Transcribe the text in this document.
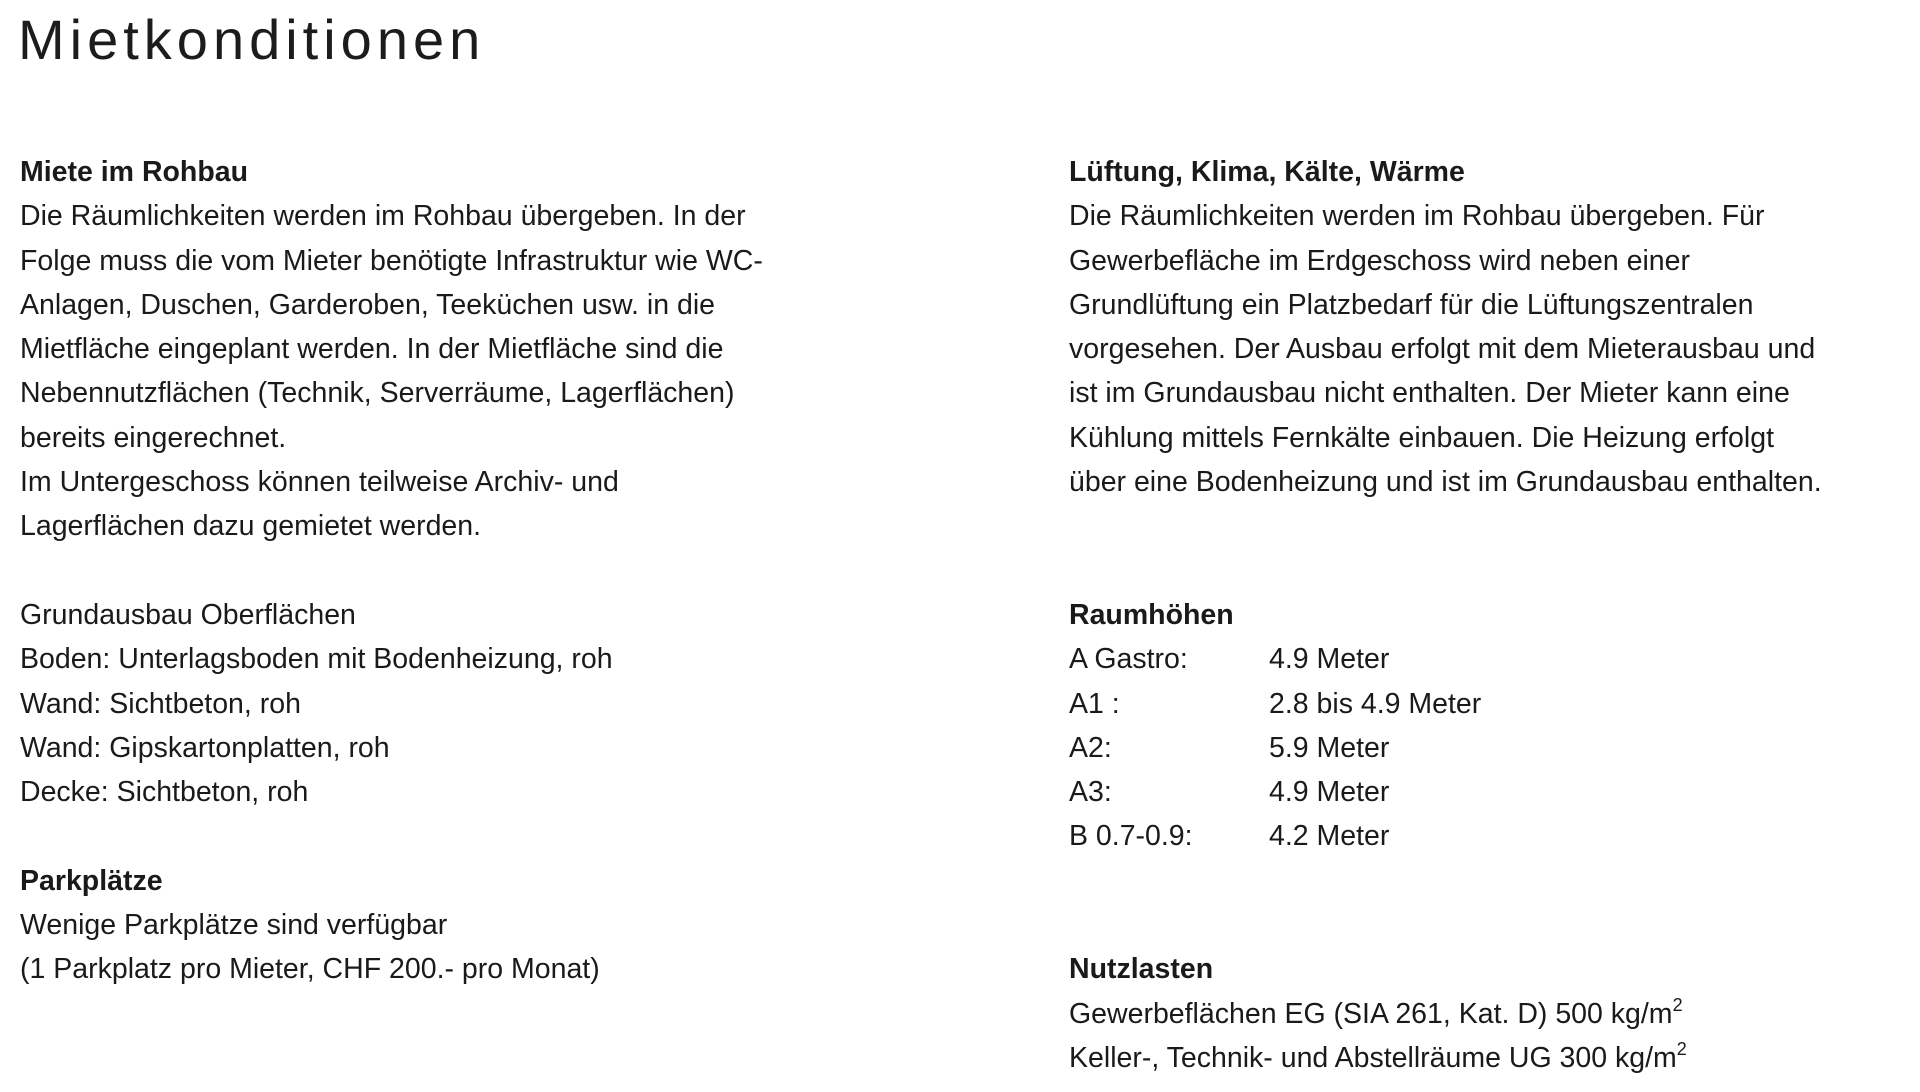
Mietkonditionen
Miete im Rohbau
Die Räumlichkeiten werden im Rohbau übergeben. In der
Folge muss die vom Mieter benötigte Infrastruktur wie WC-
Anlagen, Duschen, Garderoben, Teeküchen usw. in die
Mietfläche eingeplant werden. In der Mietfläche sind die
Nebennutzflächen (Technik, Serverräume, Lagerflächen)
bereits eingerechnet.
Im Untergeschoss können teilweise Archiv- und
Lagerflächen dazu gemietet werden.
Grundausbau Oberflächen
Boden: Unterlagsboden mit Bodenheizung, roh
Wand: Sichtbeton, roh
Wand: Gipskartonplatten, roh
Decke: Sichtbeton, roh
Parkplätze
Wenige Parkplätze sind verfügbar
(1 Parkplatz pro Mieter, CHF 200.- pro Monat)
Lüftung, Klima, Kälte, Wärme
Die Räumlichkeiten werden im Rohbau übergeben. Für
Gewerbefläche im Erdgeschoss wird neben einer
Grundlüftung ein Platzbedarf für die Lüftungszentralen
vorgesehen. Der Ausbau erfolgt mit dem Mieterausbau und
ist im Grundausbau nicht enthalten. Der Mieter kann eine
Kühlung mittels Fernkälte einbauen. Die Heizung erfolgt
über eine Bodenheizung und ist im Grundausbau enthalten.
Raumhöhen
A Gastro:	4.9 Meter
A1 :	2.8 bis 4.9 Meter
A2:	5.9 Meter
A3:	4.9 Meter
B 0.7-0.9:	4.2 Meter
Nutzlasten
Gewerbeflächen EG (SIA 261, Kat. D) 500 $kg/m^2$
Keller-, Technik- und Abstellräume UG 300 $kg/m^2$
